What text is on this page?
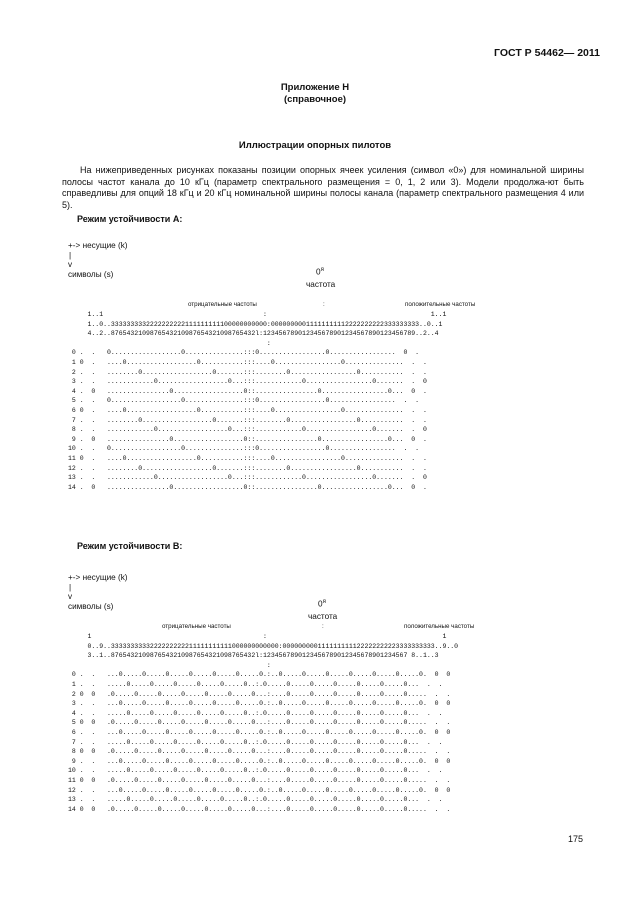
ГОСТ Р 54462— 2011
Приложение Н
(справочное)
Иллюстрации опорных пилотов
На нижеприведенных рисунках показаны позиции опорных ячеек усиления (символ «0») для номинальной ширины полосы частот канала до 10 кГц (параметр спектрального размещения = 0, 1, 2 или 3). Модели продолжа-ют быть справедливы для опций 18 кГц и 20 кГц номинальной ширины полосы канала (параметр спектрального размещения 4 или 5).
Режим устойчивости А:
+-> несущие (k)
|
v
символы (s)	$0^я$
частота
отрицательные частоты	:	положительные частоты
1..1                                         :                                          1..1
1..0..3333333332222222222111111111100000000000:00000000011111111112222222222333333333..0..1
4..2..8765432109876543210987654321098765432l:123456789012345678901234567890123456789..2..4
:
0 .  .   0..................0...............:::0.................0.................  0  .
1 0  .   ....0..................0...........:::....0.................0...............  .  .
2 .  .   ........0..................0.......:::........0.................0...........  .  .
3 .  .   ............0..................0...:::............0.................0.......  .  0
4 .  0   ................0..................0::................0.................0...  0  .
5 .  .   0..................0...............:::0.................0.................  .  .
6 0  .   ....0..................0...........:::....0.................0...............  .  .
7 .  .   ........0..................0.......:::........0.................0...........  .  .
8 .  .   ............0..................0...:::............0.................0.......  .  0
9 .  0   ................0..................0::................0.................0...  0  .
10 .  .   0..................0...............:::0.................0.................  .  .
11 0  .   ....0..................0...........:::....0.................0...............  .  .
12 .  .   ........0..................0.......:::........0.................0...........  .  .
13 .  .   ............0..................0...:::............0.................0.......  .  0
14 .  0   ................0..................0::................0.................0...  0  .
Режим устойчивости В:
+-> несущие (k)
|
v
символы (s)	$0^я$
частота
отрицательные частоты	:	положительные частоты
1                                            :                                             1
0..9..3333333333222222222211111111111000000000000:000000000111111111122222222223333333333..9..0
3..1..8765432109876543210987654321098765432l:1234567890123456789012345678901234567 8..1..3
:
0 .  .   ...0.....0.....0.....0.....0.....0.....0.:..0.....0.....0.....0.....0.....0.....0.  0  0
1 .  .   .....0.....0.....0.....0.....0.....0..:.0.....0.....0.....0.....0.....0.....0...  .  .
2 0  0   .0.....0.....0.....0.....0.....0.....0...:....0.....0.....0.....0.....0.....0.....  .  .
3 .  .   ...0.....0.....0.....0.....0.....0.....0.:..0.....0.....0.....0.....0.....0.....0.  0  0
4 .  .   .....0.....0.....0.....0.....0.....0..:.0.....0.....0.....0.....0.....0.....0...  .  .
5 0  0   .0.....0.....0.....0.....0.....0.....0...:....0.....0.....0.....0.....0.....0.....  .  .
6 .  .   ...0.....0.....0.....0.....0.....0.....0.:..0.....0.....0.....0.....0.....0.....0.  0  0
7 .  .   .....0.....0.....0.....0.....0.....0..:.0.....0.....0.....0.....0.....0.....0...  .  .
8 0  0   .0.....0.....0.....0.....0.....0.....0...:....0.....0.....0.....0.....0.....0.....  .  .
9 .  .   ...0.....0.....0.....0.....0.....0.....0.:..0.....0.....0.....0.....0.....0.....0.  0  0
10 .  .   .....0.....0.....0.....0.....0.....0..:.0.....0.....0.....0.....0.....0.....0...  .  .
11 0  0   .0.....0.....0.....0.....0.....0.....0...:....0.....0.....0.....0.....0.....0.....  .  .
12 .  .   ...0.....0.....0.....0.....0.....0.....0.:..0.....0.....0.....0.....0.....0.....0.  0  0
13 .  .   .....0.....0.....0.....0.....0.....0..:.0.....0.....0.....0.....0.....0.....0...  .  .
14 0  0   .0.....0.....0.....0.....0.....0.....0...:....0.....0.....0.....0.....0.....0.....  .  .
175
